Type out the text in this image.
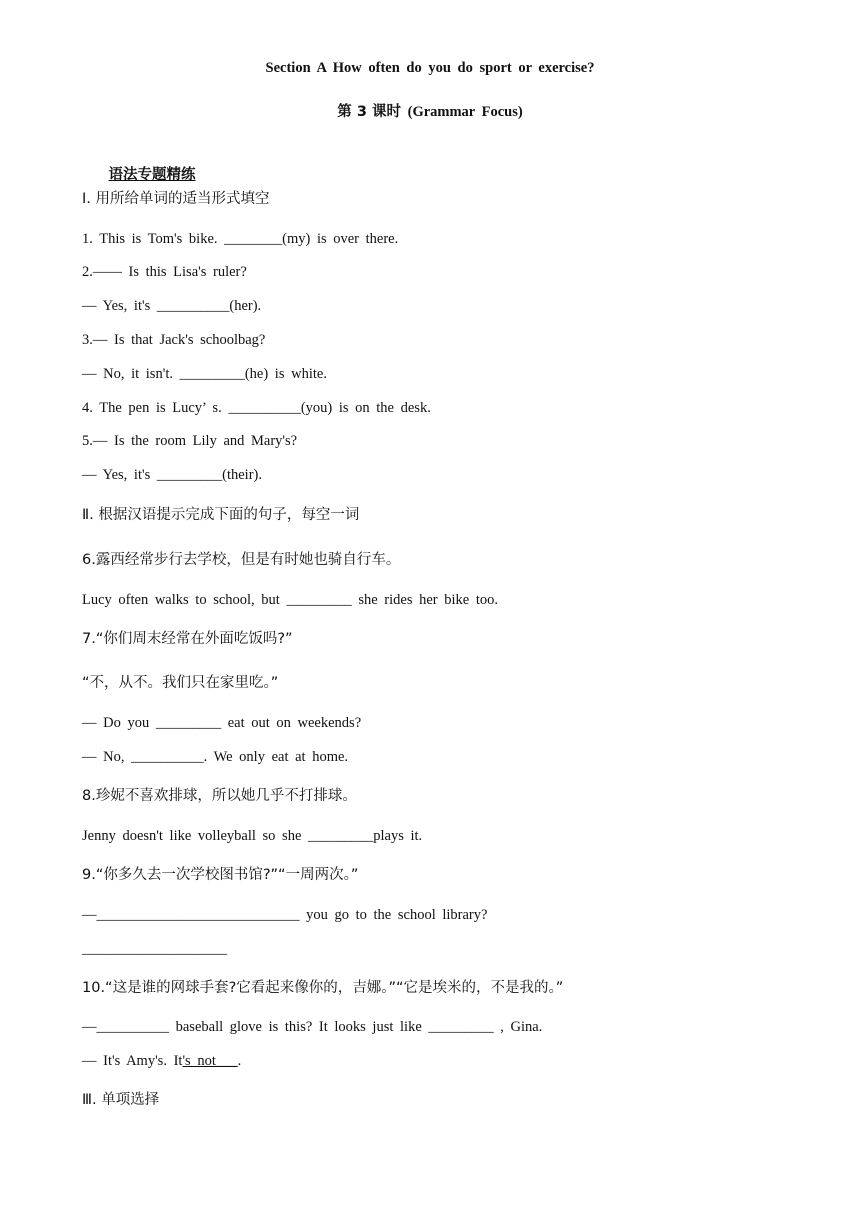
Section A How often do you do sport or exercise?
第 3 课时 (Grammar Focus)

语法专题精练

Ⅰ. 用所给单词的适当形式填空
1. This is Tom's bike. ________(my) is over there.
2.—— Is this Lisa's ruler?
— Yes, it's __________(her).
3.— Is that Jack's schoolbag?
— No, it isn't. _________(he) is white.
4. The pen is Lucy’ s. __________(you) is on the desk.
5.— Is the room Lily and Mary's?
— Yes, it's _________(their).
Ⅱ. 根据汉语提示完成下面的句子，每空一词
6.露西经常步行去学校，但是有时她也骑自行车。
Lucy often walks to school, but _________ she rides her bike too.
7.“你们周末经常在外面吃饭吗?”
“不，从不。我们只在家里吃。”
— Do you _________ eat out on weekends?
— No, __________. We only eat at home.
8.珍妮不喜欢排球，所以她几乎不打排球。
Jenny doesn't like volleyball so she _________plays it.
9.“你多久去一次学校图书馆?”“一周两次。”
—____________________________ you go to the school library?
____________________
10.“这是谁的网球手套?它看起来像你的，吉娜。”“它是埃米的，不是我的。”
—__________ baseball glove is this? It looks just like _________ , Gina.
— It's Amy's. It's not___.
Ⅲ. 单项选择
